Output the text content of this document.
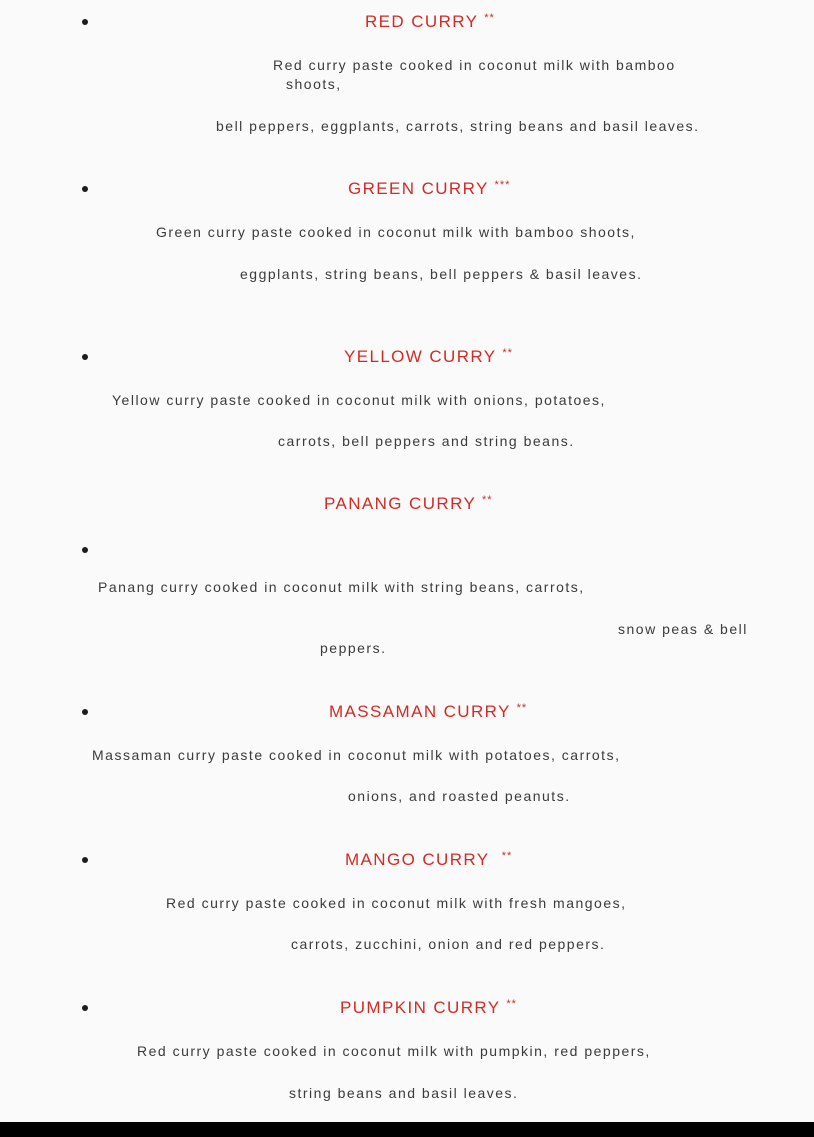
RED CURRY **
Red curry paste cooked in coconut milk with bamboo
shoots,
bell peppers, eggplants, carrots, string beans and basil leaves.
GREEN CURRY ***
Green curry paste cooked in coconut milk with bamboo shoots,
eggplants, string beans, bell peppers & basil leaves.
YELLOW CURRY **
Yellow curry paste cooked in coconut milk with onions, potatoes,
carrots, bell peppers and string beans.
PANANG CURRY **
Panang curry cooked in coconut milk with string beans, carrots,
snow peas & bell
peppers.
MASSAMAN CURRY **
Massaman curry paste cooked in coconut milk with potatoes, carrots,
onions, and roasted peanuts.
MANGO CURRY **
Red curry paste cooked in coconut milk with fresh mangoes,
carrots, zucchini, onion and red peppers.
PUMPKIN CURRY **
Red curry paste cooked in coconut milk with pumpkin, red peppers,
string beans and basil leaves.
